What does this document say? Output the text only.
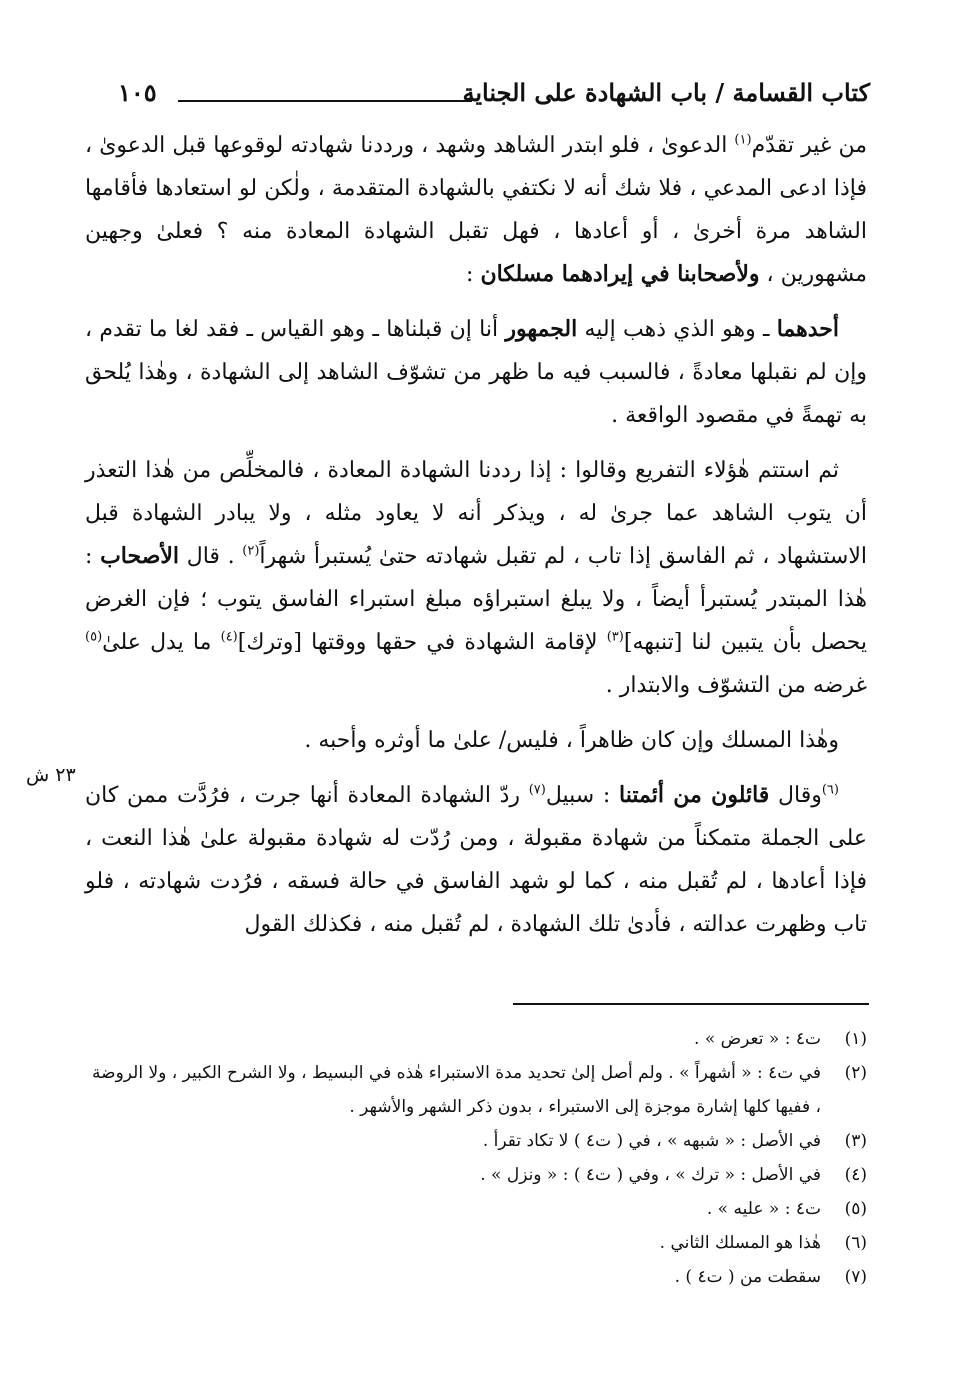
كتاب القسامة / باب الشهادة على الجناية
١٠٥

من غير تقدّم$^{(١)}$ الدعوىٰ ، فلو ابتدر الشاهد وشهد ، ورددنا شهادته لوقوعها قبل الدعوىٰ ، فإذا ادعى المدعي ، فلا شك أنه لا نكتفي بالشهادة المتقدمة ، ولٰكن لو استعادها فأقامها الشاهد مرة أخرىٰ ، أو أعادها ، فهل تقبل الشهادة المعادة منه ؟ فعلىٰ وجهين مشهورين ، ولأصحابنا في إيرادهما مسلكان :

أحدهما ـ وهو الذي ذهب إليه الجمهور أنا إن قبلناها ـ وهو القياس ـ فقد لغا ما تقدم ، وإن لم نقبلها معادةً ، فالسبب فيه ما ظهر من تشوّف الشاهد إلى الشهادة ، وهٰذا يُلحق به تهمةً في مقصود الواقعة .

ثم استتم هٰؤلاء التفريع وقالوا : إذا رددنا الشهادة المعادة ، فالمخلِّص من هٰذا التعذر أن يتوب الشاهد عما جرىٰ له ، ويذكر أنه لا يعاود مثله ، ولا يبادر الشهادة قبل الاستشهاد ، ثم الفاسق إذا تاب ، لم تقبل شهادته حتىٰ يُستبرأ شهراً$^{(٢)}$ . قال الأصحاب : هٰذا المبتدر يُستبرأ أيضاً ، ولا يبلغ استبراؤه مبلغ استبراء الفاسق يتوب ؛ فإن الغرض يحصل بأن يتبين لنا [تنبهه]$^{(٣)}$ لإقامة الشهادة في حقها ووقتها [وترك]$^{(٤)}$ ما يدل علىٰ$^{(٥)}$ غرضه من التشوّف والابتدار .

وهٰذا المسلك وإن كان ظاهراً ، فليس/ علىٰ ما أوثره وأحبه .

$^{(٦)}$وقال قائلون من أئمتنا : سبيل$^{(٧)}$ ردّ الشهادة المعادة أنها جرت ، فرُدَّت ممن كان على الجملة متمكناً من شهادة مقبولة ، ومن رُدّت له شهادة مقبولة علىٰ هٰذا النعت ، فإذا أعادها ، لم تُقبل منه ، كما لو شهد الفاسق في حالة فسقه ، فرُدت شهادته ، فلو تاب وظهرت عدالته ، فأدىٰ تلك الشهادة ، لم تُقبل منه ، فكذلك القول

٢٣ ش
(١)
ت٤ : « تعرض » .
(٢)
في ت٤ : « أشهراً » . ولم أصل إلىٰ تحديد مدة الاستبراء هٰذه في البسيط ، ولا الشرح الكبير ، ولا الروضة ، ففيها كلها إشارة موجزة إلى الاستبراء ، بدون ذكر الشهر والأشهر .
(٣)
في الأصل : « شبهه » ، في ( ت٤ ) لا تكاد تقرأ .
(٤)
في الأصل : « ترك » ، وفي ( ت٤ ) : « ونزل » .
(٥)
ت٤ : « عليه » .
(٦)
هٰذا هو المسلك الثاني .
(٧)
سقطت من ( ت٤ ) .
